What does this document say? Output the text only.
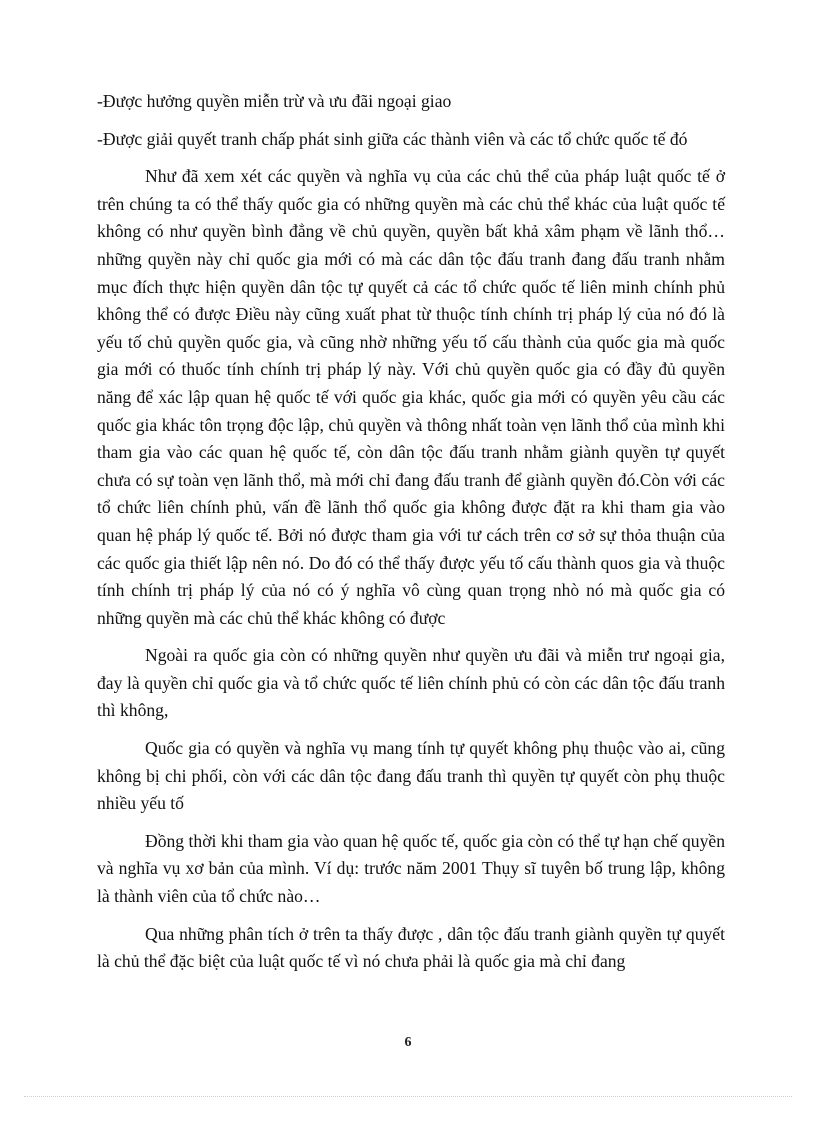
-Được hưởng quyền miễn trừ và ưu đãi ngoại giao

-Được giải quyết tranh chấp phát sinh giữa các thành viên và các tổ chức quốc tế đó

Như đã xem xét các quyền và nghĩa vụ của các chủ thể của pháp luật quốc tế ở trên chúng ta có thể thấy quốc gia có những quyền mà các chủ thể khác của luật quốc tế không có như quyền bình đẳng về chủ quyền, quyền bất khả xâm phạm về lãnh thổ…những quyền này chỉ quốc gia mới có mà các dân tộc đấu tranh đang đấu tranh nhằm mục đích thực hiện quyền dân tộc tự quyết cả các tổ chức quốc tế liên minh chính phủ không thể có được Điều này cũng xuất phat từ thuộc tính chính trị pháp lý của nó đó là yếu tố chủ quyền quốc gia, và cũng nhờ những yếu tố cấu thành của quốc gia mà quốc gia mới có thuốc tính chính trị pháp lý này. Với chủ quyền quốc gia có đầy đủ quyền năng để xác lập quan hệ quốc tế với quốc gia khác, quốc gia mới có quyền yêu cầu các quốc gia khác tôn trọng độc lập, chủ quyền và thông nhất toàn vẹn lãnh thổ của mình khi tham gia vào các quan hệ quốc tế, còn dân tộc đấu tranh nhằm giành quyền tự quyết chưa có sự toàn vẹn lãnh thổ, mà mới chỉ đang đấu tranh để giành quyền đó.Còn với các tổ chức liên chính phủ, vấn đề lãnh thổ quốc gia không được đặt ra khi tham gia vào quan hệ pháp lý quốc tế. Bởi nó được tham gia với tư cách trên cơ sở sự thỏa thuận của các quốc gia thiết lập nên nó. Do đó có thể thấy được yếu tố cấu thành quos gia và thuộc tính chính trị pháp lý của nó có ý nghĩa vô cùng quan trọng nhò nó mà quốc gia có những quyền mà các chủ thể khác không có được

Ngoài ra quốc gia còn có những quyền như quyền ưu đãi và miễn trư ngoại gia, đay là quyền chỉ quốc gia và tổ chức quốc tế liên chính phủ có còn các dân tộc đấu tranh thì không,

Quốc gia có quyền và nghĩa vụ mang tính tự quyết không phụ thuộc vào ai, cũng không bị chi phối, còn với các dân tộc đang đấu tranh thì quyền tự quyết còn phụ thuộc nhiều yếu tố

Đồng thời khi tham gia vào quan hệ quốc tế, quốc gia còn có thể tự hạn chế quyền và nghĩa vụ xơ bản của mình. Ví dụ: trước năm 2001 Thụy sĩ tuyên bố trung lập, không là thành viên của tổ chức nào…

Qua những phân tích ở trên ta thấy được , dân tộc đấu tranh giành quyền tự quyết là chủ thể đặc biệt của luật quốc tế vì nó chưa phải là quốc gia mà chỉ đang

6
